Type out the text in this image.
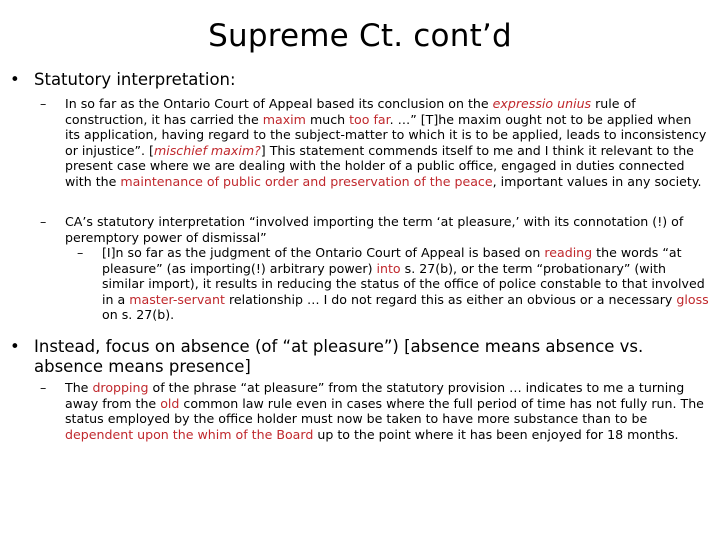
Supreme Ct. cont’d
• Statutory interpretation:
– In so far as the Ontario Court of Appeal based its conclusion on the expressio unius rule of construction, it has carried the maxim much too far. …” [T]he maxim ought not to be applied when its application, having regard to the subject-matter to which it is to be applied, leads to inconsistency or injustice”. [mischief maxim?] This statement commends itself to me and I think it relevant to the present case where we are dealing with the holder of a public office, engaged in duties connected with the maintenance of public order and preservation of the peace, important values in any society.
– CA’s statutory interpretation “involved importing the term ‘at pleasure,’ with its connotation (!) of peremptory power of dismissal”
– [I]n so far as the judgment of the Ontario Court of Appeal is based on reading the words “at pleasure” (as importing(!) arbitrary power) into s. 27(b), or the term “probationary” (with similar import), it results in reducing the status of the office of police constable to that involved in a master-servant relationship … I do not regard this as either an obvious or a necessary gloss on s. 27(b).
• Instead, focus on absence (of “at pleasure”) [absence means absence vs. absence means presence]
– The dropping of the phrase “at pleasure” from the statutory provision … indicates to me a turning away from the old common law rule even in cases where the full period of time has not fully run. The status employed by the office holder must now be taken to have more substance than to be dependent upon the whim of the Board up to the point where it has been enjoyed for 18 months.
